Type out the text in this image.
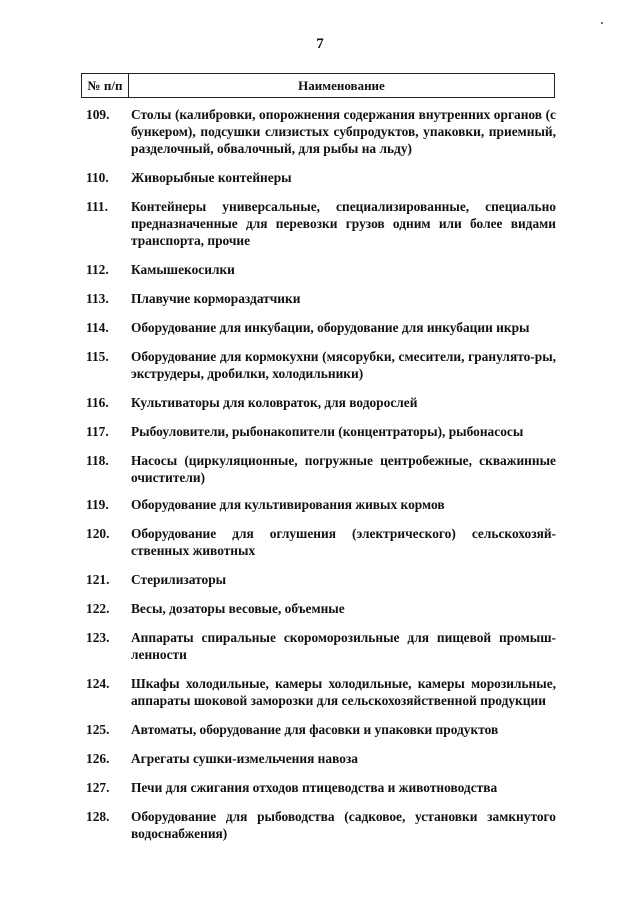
7
№ п/п	Наименование
109.	Столы (калибровки, опорожнения содержания внутренних органов (с бункером), подсушки слизистых субпродуктов, упаковки, приемный, разделочный, обвалочный, для рыбы на льду)
110.	Живорыбные контейнеры
111.	Контейнеры универсальные, специализированные, специально предназначенные для перевозки грузов одним или более видами транспорта, прочие
112.	Камышекосилки
113.	Плавучие кормораздатчики
114.	Оборудование для инкубации, оборудование для инкубации икры
115.	Оборудование для кормокухни (мясорубки, смесители, гранулято-ры, экструдеры, дробилки, холодильники)
116.	Культиваторы для коловраток, для водорослей
117.	Рыбоуловители, рыбонакопители (концентраторы), рыбонасосы
118.	Насосы (циркуляционные, погружные центробежные, скважинные очистители)
119.	Оборудование для культивирования живых кормов
120.	Оборудование для оглушения (электрического) сельскохозяй-ственных животных
121.	Стерилизаторы
122.	Весы, дозаторы весовые, объемные
123.	Аппараты спиральные скороморозильные для пищевой промыш-ленности
124.	Шкафы холодильные, камеры холодильные, камеры морозильные, аппараты шоковой заморозки для сельскохозяйственной продукции
125.	Автоматы, оборудование для фасовки и упаковки продуктов
126.	Агрегаты сушки-измельчения навоза
127.	Печи для сжигания отходов птицеводства и животноводства
128.	Оборудование для рыбоводства (садковое, установки замкнутого водоснабжения)
